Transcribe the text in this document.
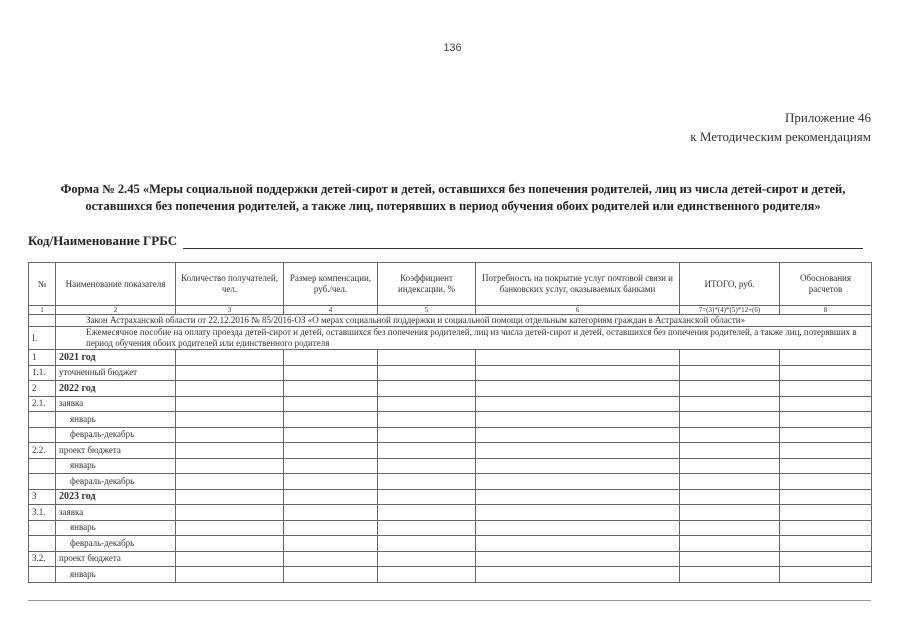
136
Приложение 46
к Методическим рекомендациям
Форма № 2.45 «Меры социальной поддержки детей-сирот и детей, оставшихся без попечения родителей, лиц из числа детей-сирот и детей, оставшихся без попечения родителей, а также лиц, потерявших в период обучения обоих родителей или единственного родителя»
Код/Наименование ГРБС
№	Наименование показателя	Количество получателей, чел.	Размер компенсации, руб./чел.	Коэффициент индексации, %	Потребность на покрытие услуг почтовой связи и банковских услуг, оказываемых банками	ИТОГО, руб.	Обоснования расчетов
1	2	3	4	5	6	7=(3)*(4)*(5)*12+(6)	8
	Закон Астраханской области от 22.12.2016 № 85/2016-ОЗ «О мерах социальной поддержки и социальной помощи отдельным категориям граждан в Астраханской области»						
I.	Ежемесячное пособие на оплату проезда детей-сирот и детей, оставшихся без попечения родителей, лиц из числа детей-сирот и детей, оставшихся без попечения родителей, а также лиц, потерявших в период обучения обоих родителей или единственного родителя						
1	2021 год						
1.1.	уточненный бюджет						
2	2022 год						
2.1.	заявка						
	январь						
	февраль-декабрь						
2.2.	проект бюджета						
	январь						
	февраль-декабрь						
3	2023 год						
3.1.	заявка						
	январь						
	февраль-декабрь						
3.2.	проект бюджета						
	январь						
